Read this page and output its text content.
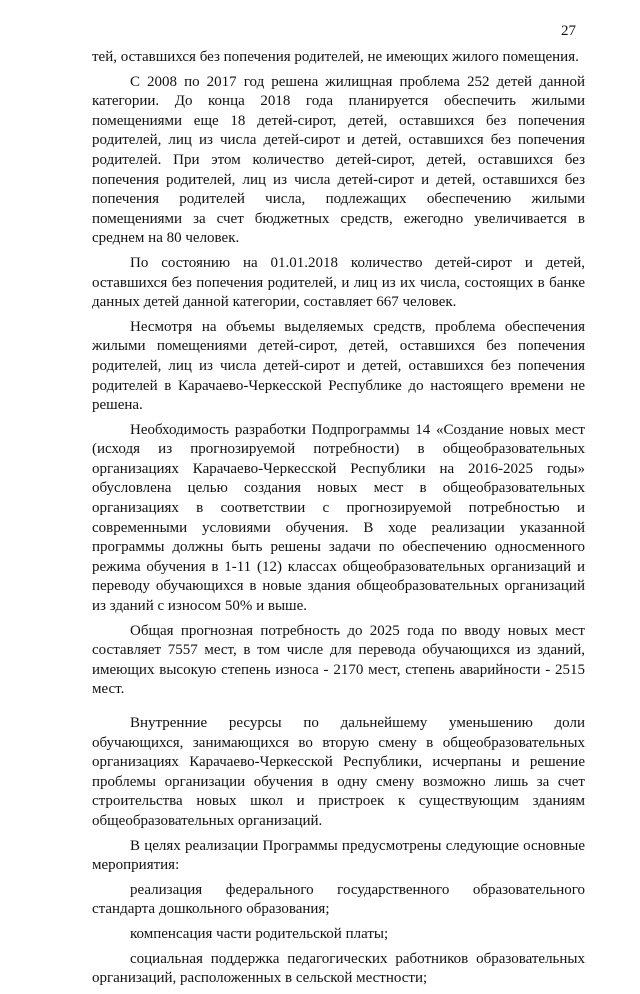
27

тей, оставшихся без попечения родителей, не имеющих жилого помещения.

С 2008 по 2017 год решена жилищная проблема 252 детей данной категории. До конца 2018 года планируется обеспечить жилыми помещениями еще 18 детей-сирот, детей, оставшихся без попечения родителей, лиц из числа детей-сирот и детей, оставшихся без попечения родителей. При этом количество детей-сирот, детей, оставшихся без попечения родителей, лиц из числа детей-сирот и детей, оставшихся без попечения родителей числа, подлежащих обеспечению жилыми помещениями за счет бюджетных средств, ежегодно увеличивается в среднем на 80 человек.

По состоянию на 01.01.2018 количество детей-сирот и детей, оставшихся без попечения родителей, и лиц из их числа, состоящих в банке данных детей данной категории, составляет 667 человек.

Несмотря на объемы выделяемых средств, проблема обеспечения жилыми помещениями детей-сирот, детей, оставшихся без попечения родителей, лиц из числа детей-сирот и детей, оставшихся без попечения родителей в Карачаево-Черкесской Республике до настоящего времени не решена.

Необходимость разработки Подпрограммы 14 «Создание новых мест (исходя из прогнозируемой потребности) в общеобразовательных организациях Карачаево-Черкесской Республики на 2016-2025 годы» обусловлена целью создания новых мест в общеобразовательных организациях в соответствии с прогнозируемой потребностью и современными условиями обучения. В ходе реализации указанной программы должны быть решены задачи по обеспечению односменного режима обучения в 1-11 (12) классах общеобразовательных организаций и переводу обучающихся в новые здания общеобразовательных организаций из зданий с износом 50% и выше.

Общая прогнозная потребность до 2025 года по вводу новых мест составляет 7557 мест, в том числе для перевода обучающихся из зданий, имеющих высокую степень износа - 2170 мест, степень аварийности - 2515 мест.

Внутренние ресурсы по дальнейшему уменьшению доли обучающихся, занимающихся во вторую смену в общеобразовательных организациях Карачаево-Черкесской Республики, исчерпаны и решение проблемы организации обучения в одну смену возможно лишь за счет строительства новых школ и пристроек к существующим зданиям общеобразовательных организаций.

В целях реализации Программы предусмотрены следующие основные мероприятия:

реализация федерального государственного образовательного стандарта дошкольного образования;

компенсация части родительской платы;

социальная поддержка педагогических работников образовательных организаций, расположенных в сельской местности;
